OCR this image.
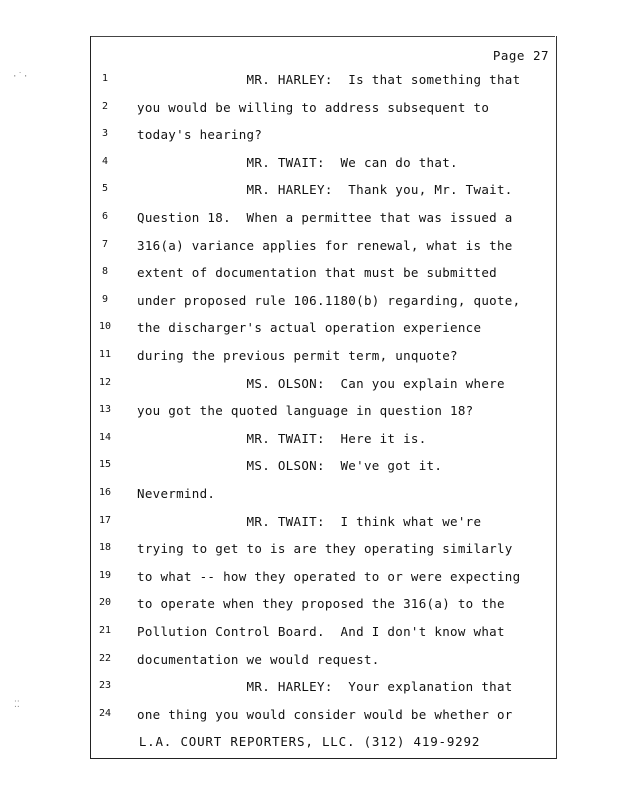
Page 27
1	MR. HARLEY:  Is that something that
2	you would be willing to address subsequent to
3	today's hearing?
4	MR. TWAIT:  We can do that.
5	MR. HARLEY:  Thank you, Mr. Twait.
6	Question 18.  When a permittee that was issued a
7	316(a) variance applies for renewal, what is the
8	extent of documentation that must be submitted
9	under proposed rule 106.1180(b) regarding, quote,
10 the discharger's actual operation experience
11 during the previous permit term, unquote?
12 MS. OLSON:  Can you explain where
13 you got the quoted language in question 18?
14 MR. TWAIT:  Here it is.
15 MS. OLSON:  We've got it.
16 Nevermind.
17 MR. TWAIT:  I think what we're
18 trying to get to is are they operating similarly
19 to what -- how they operated to or were expecting
20 to operate when they proposed the 316(a) to the
21 Pollution Control Board.  And I don't know what
22 documentation we would request.
23 MR. HARLEY:  Your explanation that
24 one thing you would consider would be whether or
L.A. COURT REPORTERS, LLC. (312) 419-9292
·˙·
⁚⁚
